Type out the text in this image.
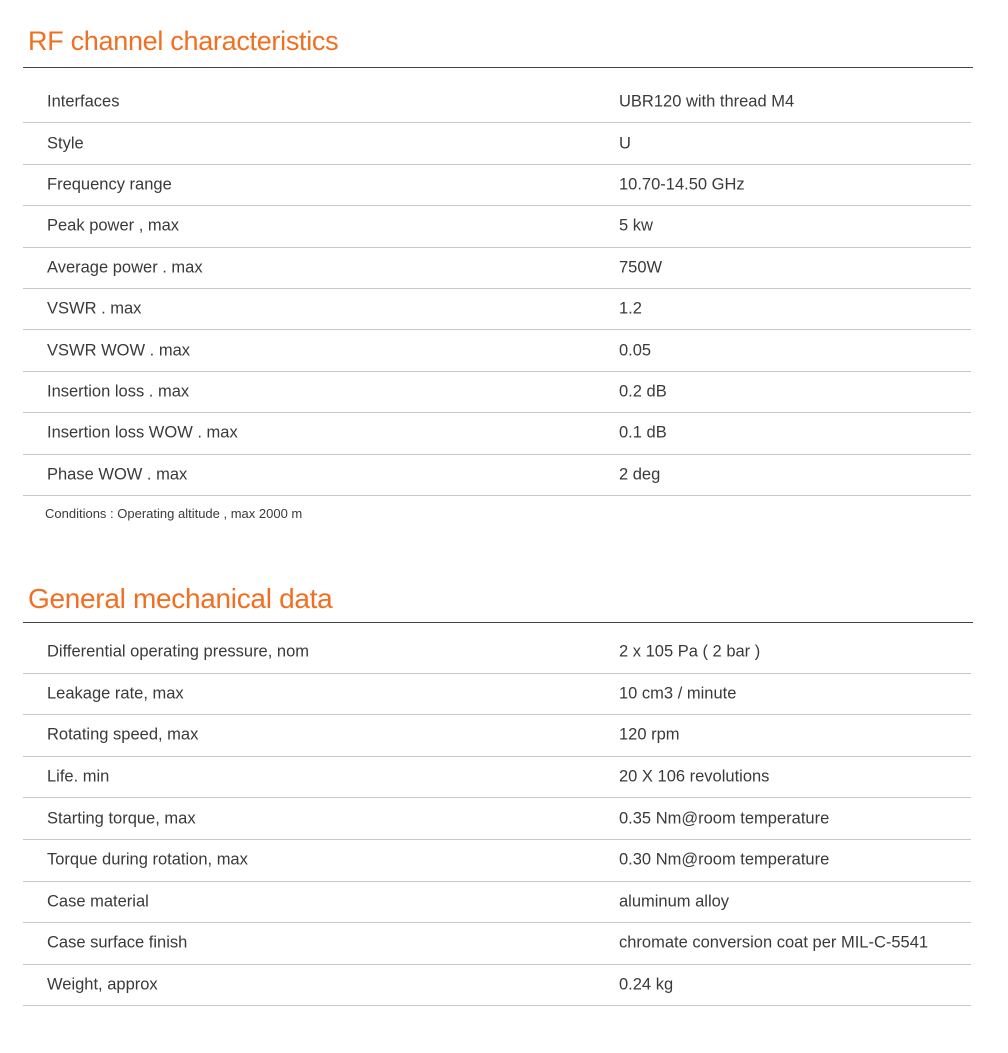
RF channel characteristics
Interfaces	UBR120 with thread M4
Style	U
Frequency range	10.70-14.50 GHz
Peak power , max	5 kw
Average power . max	750W
VSWR . max	1.2
VSWR WOW . max	0.05
Insertion loss . max	0.2 dB
Insertion loss WOW . max	0.1 dB
Phase WOW . max	2 deg
Conditions : Operating altitude , max 2000 m
General mechanical data
Differential operating pressure, nom	2 x 105 Pa ( 2 bar )
Leakage rate, max	10 cm3 / minute
Rotating speed, max	120 rpm
Life. min	20 X 106 revolutions
Starting torque, max	0.35 Nm@room temperature
Torque during rotation, max	0.30 Nm@room temperature
Case material	aluminum alloy
Case surface finish	chromate conversion coat per MIL-C-5541
Weight, approx	0.24 kg
